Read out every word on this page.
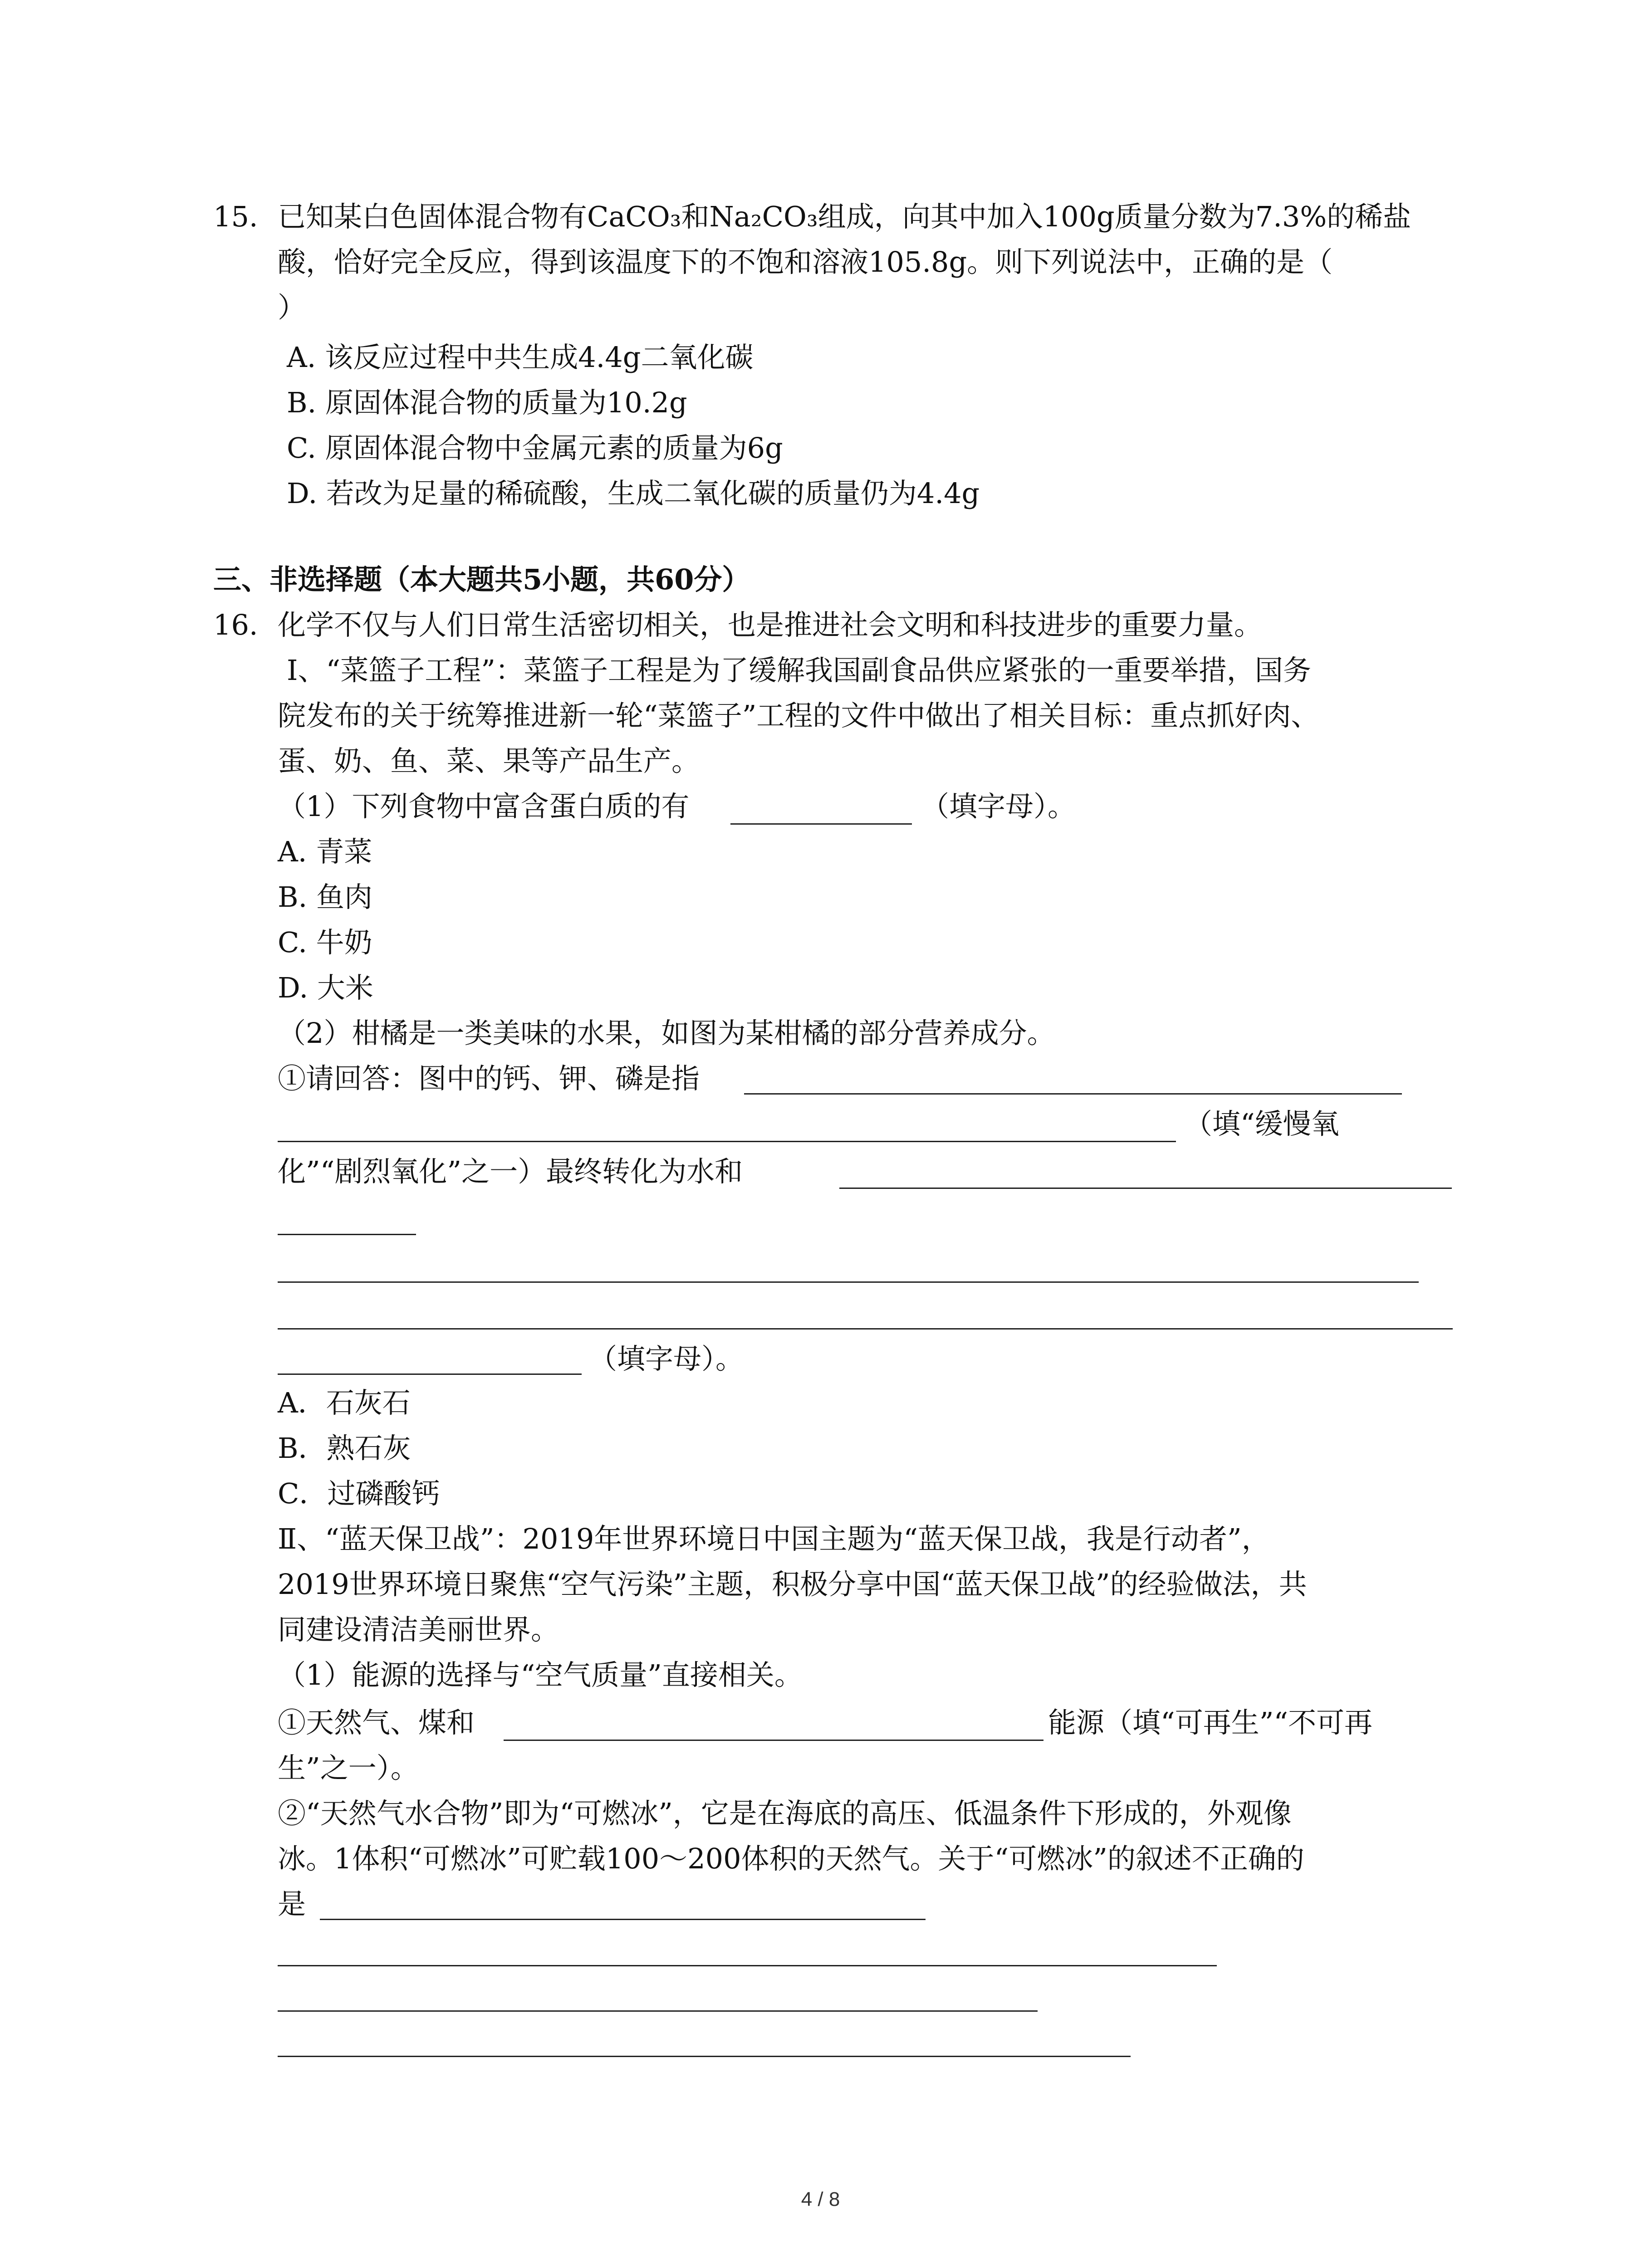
15. 已知某白色固体混合物有CaCO₃和Na₂CO₃组成，向其中加入100g质量分数为7.3%的稀盐
酸，恰好完全反应，得到该温度下的不饱和溶液105.8g。则下列说法中，正确的是（
）
A. 该反应过程中共生成4.4g二氧化碳
B. 原固体混合物的质量为10.2g
C. 原固体混合物中金属元素的质量为6g
D. 若改为足量的稀硫酸，生成二氧化碳的质量仍为4.4g
三、非选择题（本大题共5小题，共60分）
16. 化学不仅与人们日常生活密切相关，也是推进社会文明和科技进步的重要力量。
Ⅰ、“菜篮子工程”：菜篮子工程是为了缓解我国副食品供应紧张的一重要举措，国务
院发布的关于统筹推进新一轮“菜篮子”工程的文件中做出了相关目标：重点抓好肉、
蛋、奶、鱼、菜、果等产品生产。
（1）下列食物中富含蛋白质的有	（填字母）。
A. 青菜
B. 鱼肉
C. 牛奶
D. 大米
（2）柑橘是一类美味的水果，如图为某柑橘的部分营养成分。
①请回答：图中的钙、钾、磷是指
（填“缓慢氧
化”“剧烈氧化”之一）最终转化为水和
（填字母）。
A．石灰石
B．熟石灰
C．过磷酸钙
Ⅱ、“蓝天保卫战”：2019年世界环境日中国主题为“蓝天保卫战，我是行动者”，
2019世界环境日聚焦“空气污染”主题，积极分享中国“蓝天保卫战”的经验做法，共
同建设清洁美丽世界。
（1）能源的选择与“空气质量”直接相关。
①天然气、煤和	能源（填“可再生”“不可再
生”之一）。
②“天然气水合物”即为“可燃冰”，它是在海底的高压、低温条件下形成的，外观像
冰。1体积“可燃冰”可贮载100～200体积的天然气。关于“可燃冰”的叙述不正确的
是
4 / 8
